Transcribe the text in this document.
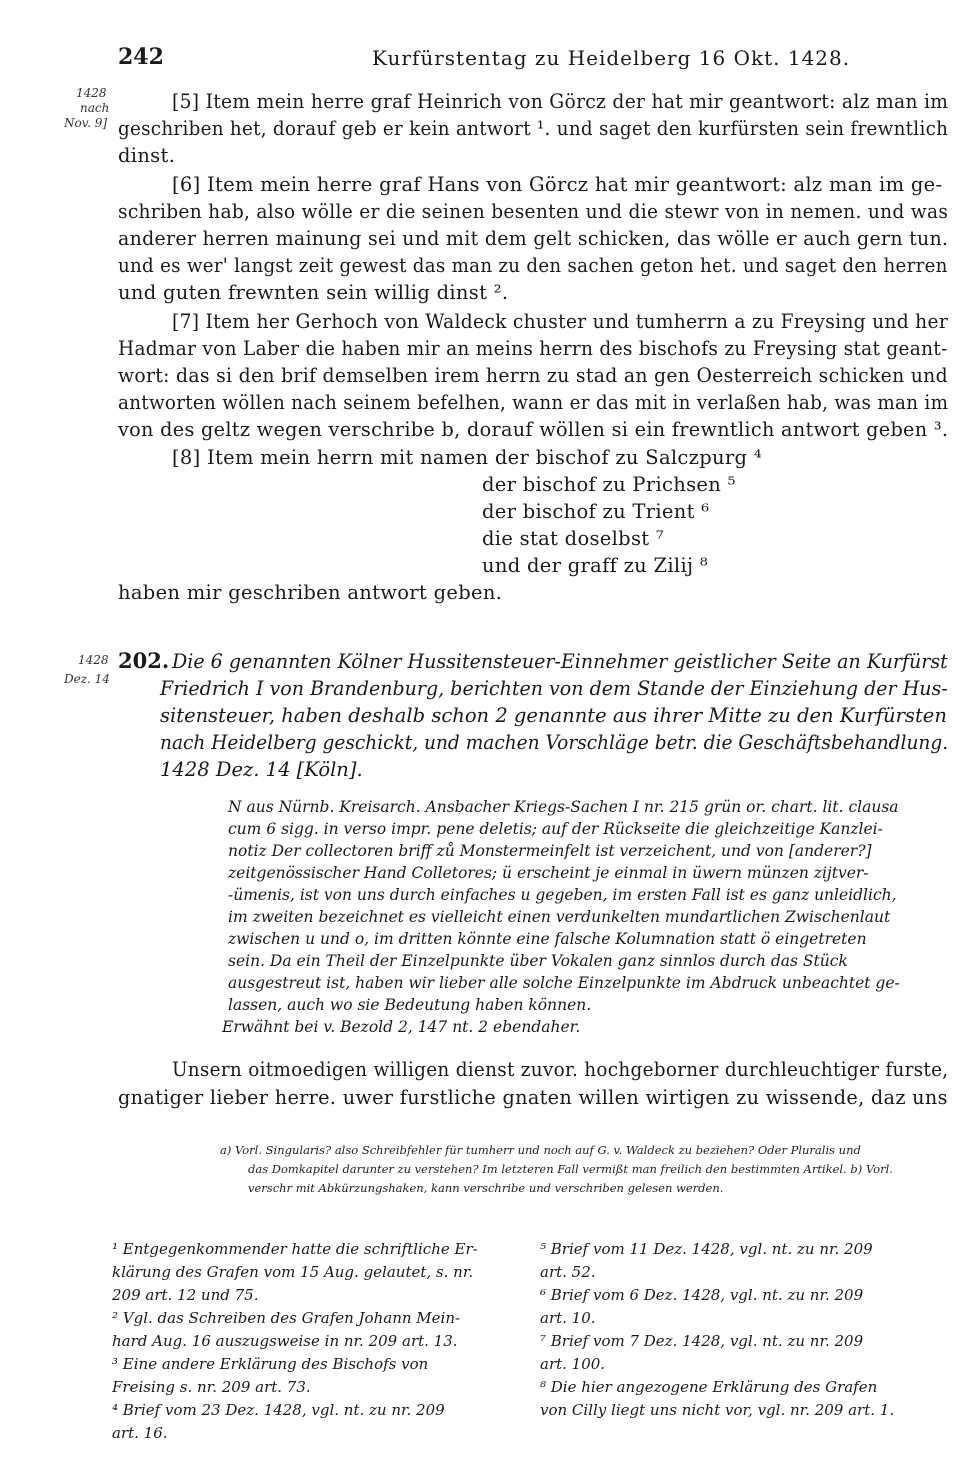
242	Kurfürstentag zu Heidelberg 16 Okt. 1428.
1428
nach
Nov. 9]
1428
Dez. 14
[5] Item mein herre graf Heinrich von Görcz der hat mir geantwort: alz man im
geschriben het, dorauf geb er kein antwort ¹. und saget den kurfürsten sein frewntlich
dinst.
[6] Item mein herre graf Hans von Görcz hat mir geantwort: alz man im ge-
schriben hab, also wölle er die seinen besenten und die stewr von in nemen. und was
anderer herren mainung sei und mit dem gelt schicken, das wölle er auch gern tun.
und es wer' langst zeit gewest das man zu den sachen geton het. und saget den herren
und guten frewnten sein willig dinst ².
[7] Item her Gerhoch von Waldeck chuster und tumherrn a zu Freysing und her
Hadmar von Laber die haben mir an meins herrn des bischofs zu Freysing stat geant-
wort: das si den brif demselben irem herrn zu stad an gen Oesterreich schicken und
antworten wöllen nach seinem befelhen, wann er das mit in verlaßen hab, was man im
von des geltz wegen verschribe b, dorauf wöllen si ein frewntlich antwort geben ³.
[8] Item mein herrn mit namen der bischof zu Salczpurg ⁴
der bischof zu Prichsen ⁵
der bischof zu Trient ⁶
die stat doselbst ⁷
und der graff zu Zilij ⁸
haben mir geschriben antwort geben.
202. Die 6 genannten Kölner Hussitensteuer-Einnehmer geistlicher Seite an Kurfürst
Friedrich I von Brandenburg, berichten von dem Stande der Einziehung der Hus-
sitensteuer, haben deshalb schon 2 genannte aus ihrer Mitte zu den Kurfürsten
nach Heidelberg geschickt, und machen Vorschläge betr. die Geschäftsbehandlung.
1428 Dez. 14 [Köln].
N aus Nürnb. Kreisarch. Ansbacher Kriegs-Sachen I nr. 215 grün or. chart. lit. clausa
cum 6 sigg. in verso impr. pene deletis; auf der Rückseite die gleichzeitige Kanzlei-
notiz Der collectoren briff zů Monstermeinfelt ist verzeichent, und von [anderer?]
zeitgenössischer Hand Colletores; ü erscheint je einmal in üwern münzen zijtver-
-ümenis, ist von uns durch einfaches u gegeben, im ersten Fall ist es ganz unleidlich,
im zweiten bezeichnet es vielleicht einen verdunkelten mundartlichen Zwischenlaut
zwischen u und o, im dritten könnte eine falsche Kolumnation statt ö eingetreten
sein. Da ein Theil der Einzelpunkte über Vokalen ganz sinnlos durch das Stück
ausgestreut ist, haben wir lieber alle solche Einzelpunkte im Abdruck unbeachtet ge-
lassen, auch wo sie Bedeutung haben können.
Erwähnt bei v. Bezold 2, 147 nt. 2 ebendaher.
Unsern oitmoedigen willigen dienst zuvor. hochgeborner durchleuchtiger furste,
gnatiger lieber herre. uwer furstliche gnaten willen wirtigen zu wissende, daz uns
a) Vorl. Singularis? also Schreibfehler für tumherr und noch auf G. v. Waldeck zu beziehen? Oder Pluralis und
das Domkapitel darunter zu verstehen? Im letzteren Fall vermißt man freilich den bestimmten Artikel. b) Vorl.
verschr mit Abkürzungshaken, kann verschribe und verschriben gelesen werden.
¹ Entgegenkommender hatte die schriftliche Er-
klärung des Grafen vom 15 Aug. gelautet, s. nr.
209 art. 12 und 75.
² Vgl. das Schreiben des Grafen Johann Mein-
hard Aug. 16 auszugsweise in nr. 209 art. 13.
³ Eine andere Erklärung des Bischofs von
Freising s. nr. 209 art. 73.
⁴ Brief vom 23 Dez. 1428, vgl. nt. zu nr. 209
art. 16.
⁵ Brief vom 11 Dez. 1428, vgl. nt. zu nr. 209
art. 52.
⁶ Brief vom 6 Dez. 1428, vgl. nt. zu nr. 209
art. 10.
⁷ Brief vom 7 Dez. 1428, vgl. nt. zu nr. 209
art. 100.
⁸ Die hier angezogene Erklärung des Grafen
von Cilly liegt uns nicht vor, vgl. nr. 209 art. 1.
